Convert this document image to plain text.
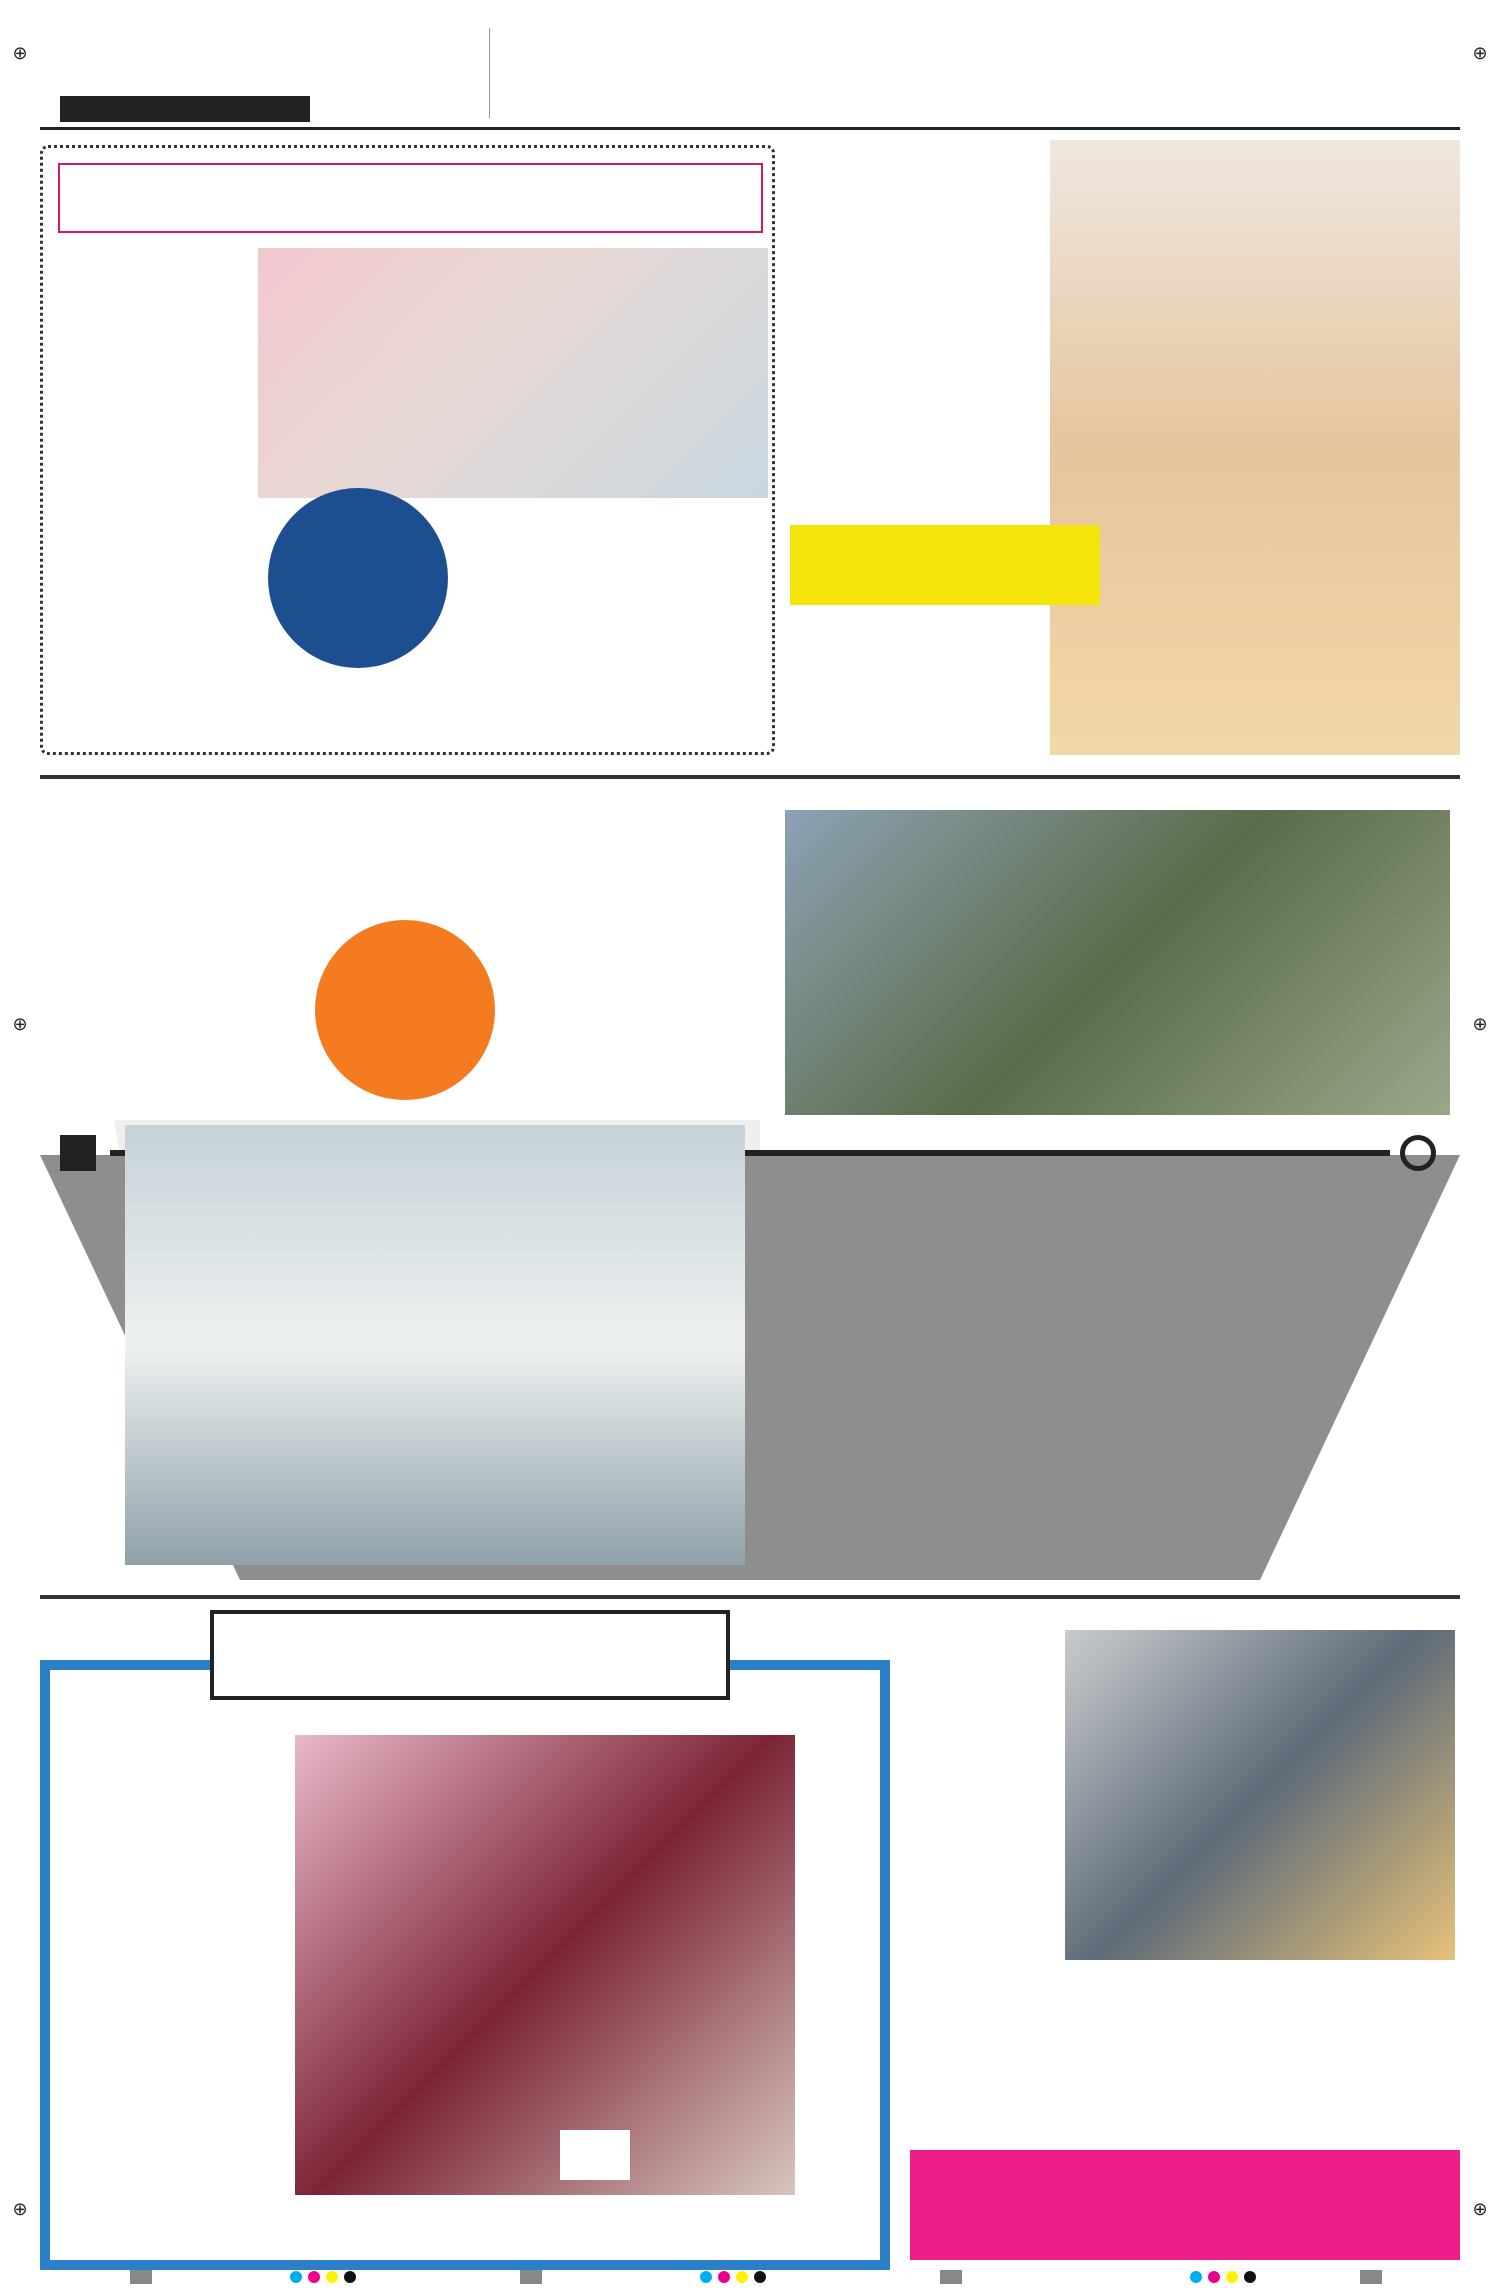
⊕	⊕
⊕	⊕
⊕	⊕
